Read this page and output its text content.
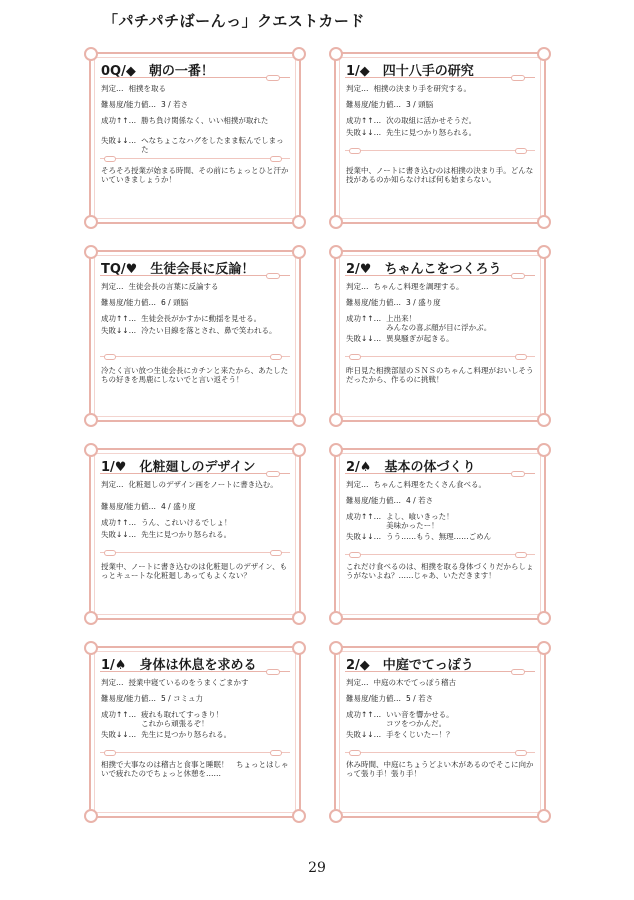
「パチパチばーんっ」クエストカード
0Q/◆　朝の一番！
判定… 相撲を取る
難易度/能力値… 3 / 若さ
成功↑↑… 勝ち負け関係なく、いい相撲が取れた
失敗↓↓… へなちょこなハグをしたまま転んでしまった
そろそろ授業が始まる時間、その前にちょっとひと汗かいていきましょうか！
1/◆　四十八手の研究
判定… 相撲の決まり手を研究する。
難易度/能力値… 3 / 頭脳
成功↑↑… 次の取組に活かせそうだ。
失敗↓↓… 先生に見つかり怒られる。
授業中、ノートに書き込むのは相撲の決まり手。どんな技があるのか知らなければ何も始まらない。
TQ/♥　生徒会長に反論！
判定… 生徒会長の言葉に反論する
難易度/能力値… 6 / 頭脳
成功↑↑… 生徒会長がかすかに動揺を見せる。
失敗↓↓… 冷たい目線を落とされ、鼻で笑われる。
冷たく言い放つ生徒会長にカチンと来たから、あたしたちの好きを馬鹿にしないでと言い返そう！
2/♥　ちゃんこをつくろう
判定… ちゃんこ料理を調理する。
難易度/能力値… 3 / 盛り度
成功↑↑… 上出来！
みんなの喜ぶ顔が目に浮かぶ。
失敗↓↓… 異臭騒ぎが起きる。
昨日見た相撲部屋のＳＮＳのちゃんこ料理がおいしそうだったから、作るのに挑戦！
1/♥　化粧廻しのデザイン
判定… 化粧廻しのデザイン画をノートに書き込む。
難易度/能力値… 4 / 盛り度
成功↑↑… うん、これいけるでしょ！
失敗↓↓… 先生に見つかり怒られる。
授業中、ノートに書き込むのは化粧廻しのデザイン、もっとキュートな化粧廻しあってもよくない？
2/♠　基本の体づくり
判定… ちゃんこ料理をたくさん食べる。
難易度/能力値… 4 / 若さ
成功↑↑… よし、喰いきった！
美味かったー！
失敗↓↓… うう……もう、無理……ごめん
これだけ食べるのは、相撲を取る身体づくりだからしょうがないよね？……じゃあ、いただきます！
1/♠　身体は休息を求める
判定… 授業中寝ているのをうまくごまかす
難易度/能力値… 5 / コミュ力
成功↑↑… 疲れも取れてすっきり！
これから頑張るぞ！
失敗↓↓… 先生に見つかり怒られる。
相撲で大事なのは稽古と食事と睡眠！　ちょっとはしゃいで疲れたのでちょっと休憩を……
2/◆　中庭でてっぽう
判定… 中庭の木でてっぽう稽古
難易度/能力値… 5 / 若さ
成功↑↑… いい音を響かせる。
コツをつかんだ。
失敗↓↓… 手をくじいたー！？
休み時間、中庭にちょうどよい木があるのでそこに向かって張り手！張り手！
29
